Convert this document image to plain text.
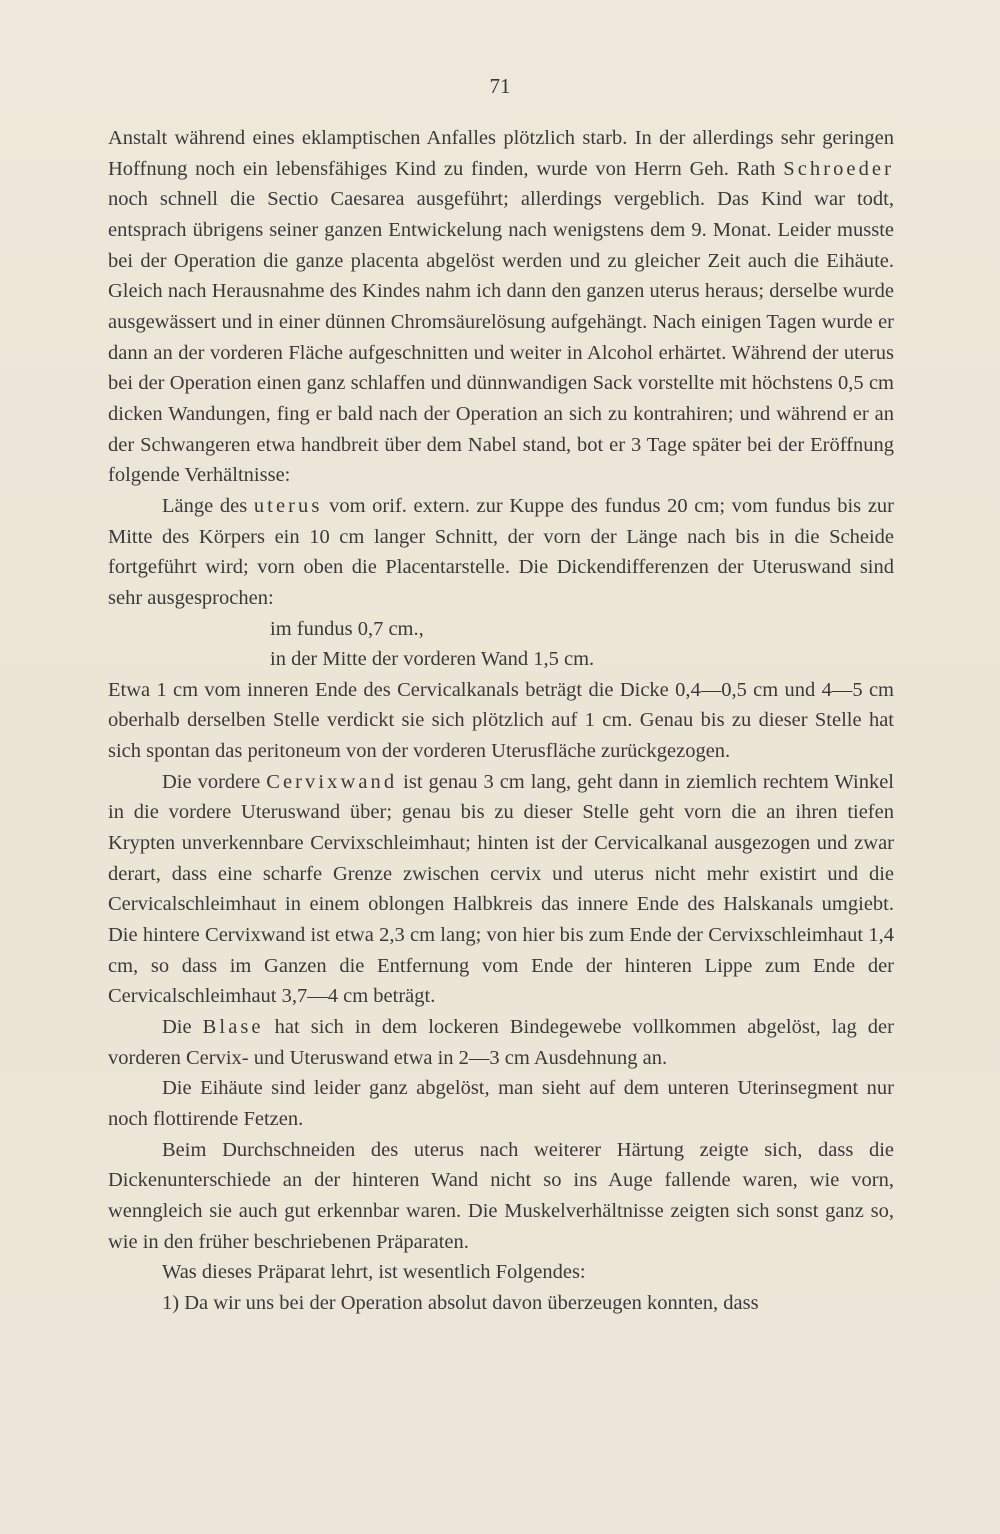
71

Anstalt während eines eklamptischen Anfalles plötzlich starb. In der allerdings sehr geringen Hoffnung noch ein lebensfähiges Kind zu finden, wurde von Herrn Geh. Rath Schroeder noch schnell die Sectio Caesarea ausgeführt; allerdings vergeblich. Das Kind war todt, entsprach übrigens seiner ganzen Entwickelung nach wenigstens dem 9. Monat. Leider musste bei der Operation die ganze placenta abgelöst werden und zu gleicher Zeit auch die Eihäute. Gleich nach Herausnahme des Kindes nahm ich dann den ganzen uterus heraus; derselbe wurde ausgewässert und in einer dünnen Chromsäurelösung aufgehängt. Nach einigen Tagen wurde er dann an der vorderen Fläche aufgeschnitten und weiter in Alcohol erhärtet. Während der uterus bei der Operation einen ganz schlaffen und dünnwandigen Sack vorstellte mit höchstens 0,5 cm dicken Wandungen, fing er bald nach der Operation an sich zu kontrahiren; und während er an der Schwangeren etwa handbreit über dem Nabel stand, bot er 3 Tage später bei der Eröffnung folgende Verhältnisse:

Länge des uterus vom orif. extern. zur Kuppe des fundus 20 cm; vom fundus bis zur Mitte des Körpers ein 10 cm langer Schnitt, der vorn der Länge nach bis in die Scheide fortgeführt wird; vorn oben die Placentarstelle. Die Dickendifferenzen der Uteruswand sind sehr ausgesprochen:

im fundus 0,7 cm.,

in der Mitte der vorderen Wand 1,5 cm.

Etwa 1 cm vom inneren Ende des Cervicalkanals beträgt die Dicke 0,4—0,5 cm und 4—5 cm oberhalb derselben Stelle verdickt sie sich plötzlich auf 1 cm. Genau bis zu dieser Stelle hat sich spontan das peritoneum von der vorderen Uterusfläche zurückgezogen.

Die vordere Cervixwand ist genau 3 cm lang, geht dann in ziemlich rechtem Winkel in die vordere Uteruswand über; genau bis zu dieser Stelle geht vorn die an ihren tiefen Krypten unverkennbare Cervixschleimhaut; hinten ist der Cervicalkanal ausgezogen und zwar derart, dass eine scharfe Grenze zwischen cervix und uterus nicht mehr existirt und die Cervicalschleimhaut in einem oblongen Halbkreis das innere Ende des Halskanals umgiebt. Die hintere Cervixwand ist etwa 2,3 cm lang; von hier bis zum Ende der Cervixschleimhaut 1,4 cm, so dass im Ganzen die Entfernung vom Ende der hinteren Lippe zum Ende der Cervicalschleimhaut 3,7—4 cm beträgt.

Die Blase hat sich in dem lockeren Bindegewebe vollkommen abgelöst, lag der vorderen Cervix- und Uteruswand etwa in 2—3 cm Ausdehnung an.

Die Eihäute sind leider ganz abgelöst, man sieht auf dem unteren Uterinsegment nur noch flottirende Fetzen.

Beim Durchschneiden des uterus nach weiterer Härtung zeigte sich, dass die Dickenunterschiede an der hinteren Wand nicht so ins Auge fallende waren, wie vorn, wenngleich sie auch gut erkennbar waren. Die Muskelverhältnisse zeigten sich sonst ganz so, wie in den früher beschriebenen Präparaten.

Was dieses Präparat lehrt, ist wesentlich Folgendes:

1) Da wir uns bei der Operation absolut davon überzeugen konnten, dass
